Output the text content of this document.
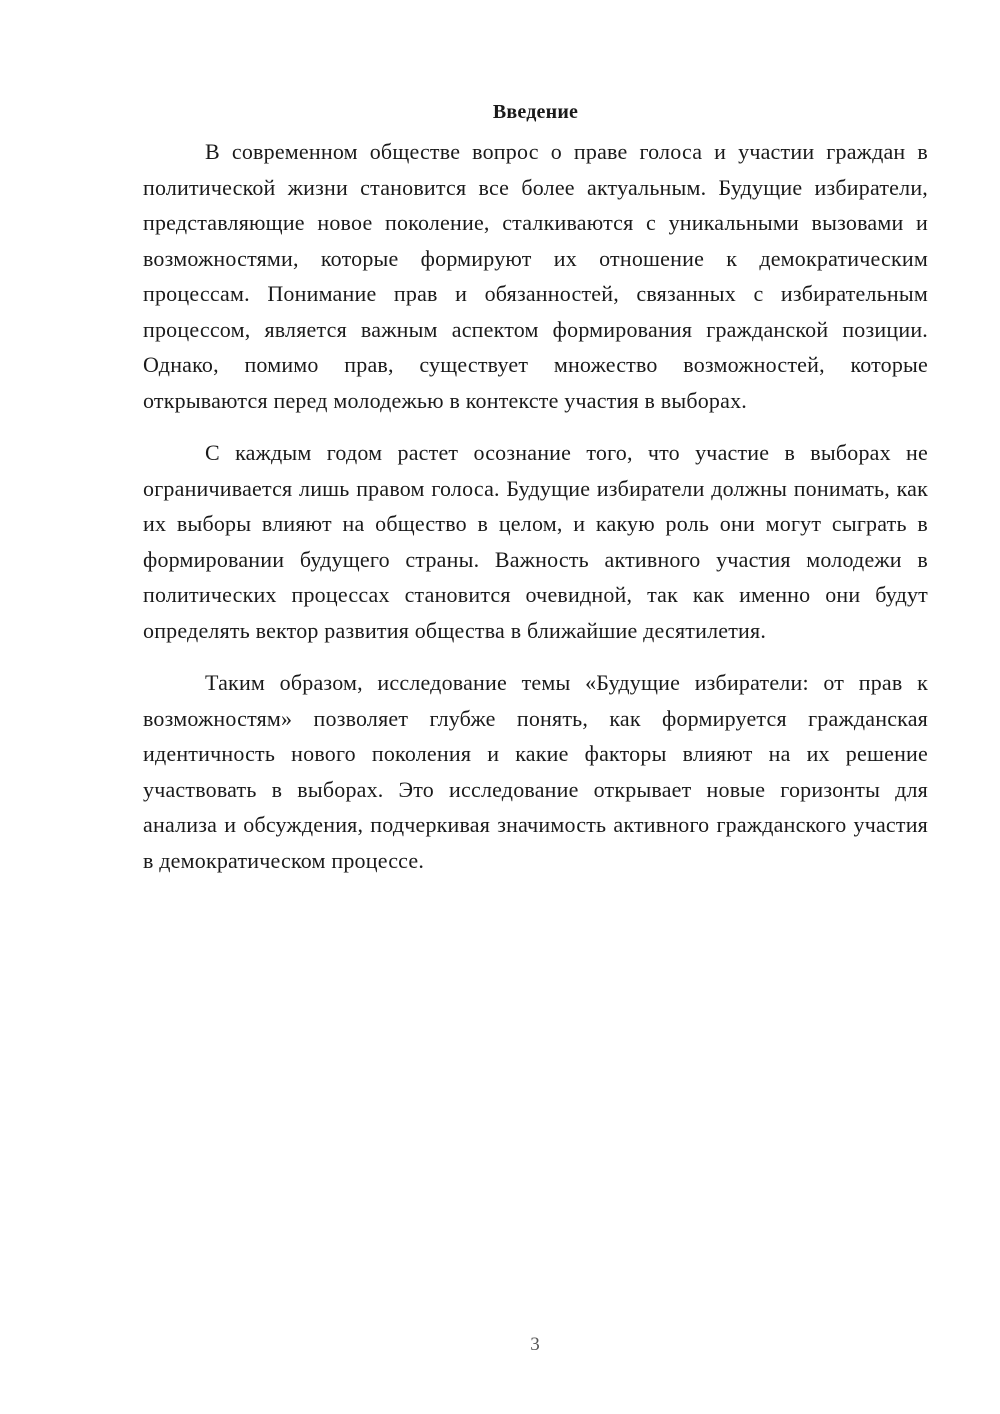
Введение

В современном обществе вопрос о праве голоса и участии граждан в политической жизни становится все более актуальным. Будущие избиратели, представляющие новое поколение, сталкиваются с уникальными вызовами и возможностями, которые формируют их отношение к демократическим процессам. Понимание прав и обязанностей, связанных с избирательным процессом, является важным аспектом формирования гражданской позиции. Однако, помимо прав, существует множество возможностей, которые открываются перед молодежью в контексте участия в выборах.

С каждым годом растет осознание того, что участие в выборах не ограничивается лишь правом голоса. Будущие избиратели должны понимать, как их выборы влияют на общество в целом, и какую роль они могут сыграть в формировании будущего страны. Важность активного участия молодежи в политических процессах становится очевидной, так как именно они будут определять вектор развития общества в ближайшие десятилетия.

Таким образом, исследование темы «Будущие избиратели: от прав к возможностям» позволяет глубже понять, как формируется гражданская идентичность нового поколения и какие факторы влияют на их решение участвовать в выборах. Это исследование открывает новые горизонты для анализа и обсуждения, подчеркивая значимость активного гражданского участия в демократическом процессе.

3
